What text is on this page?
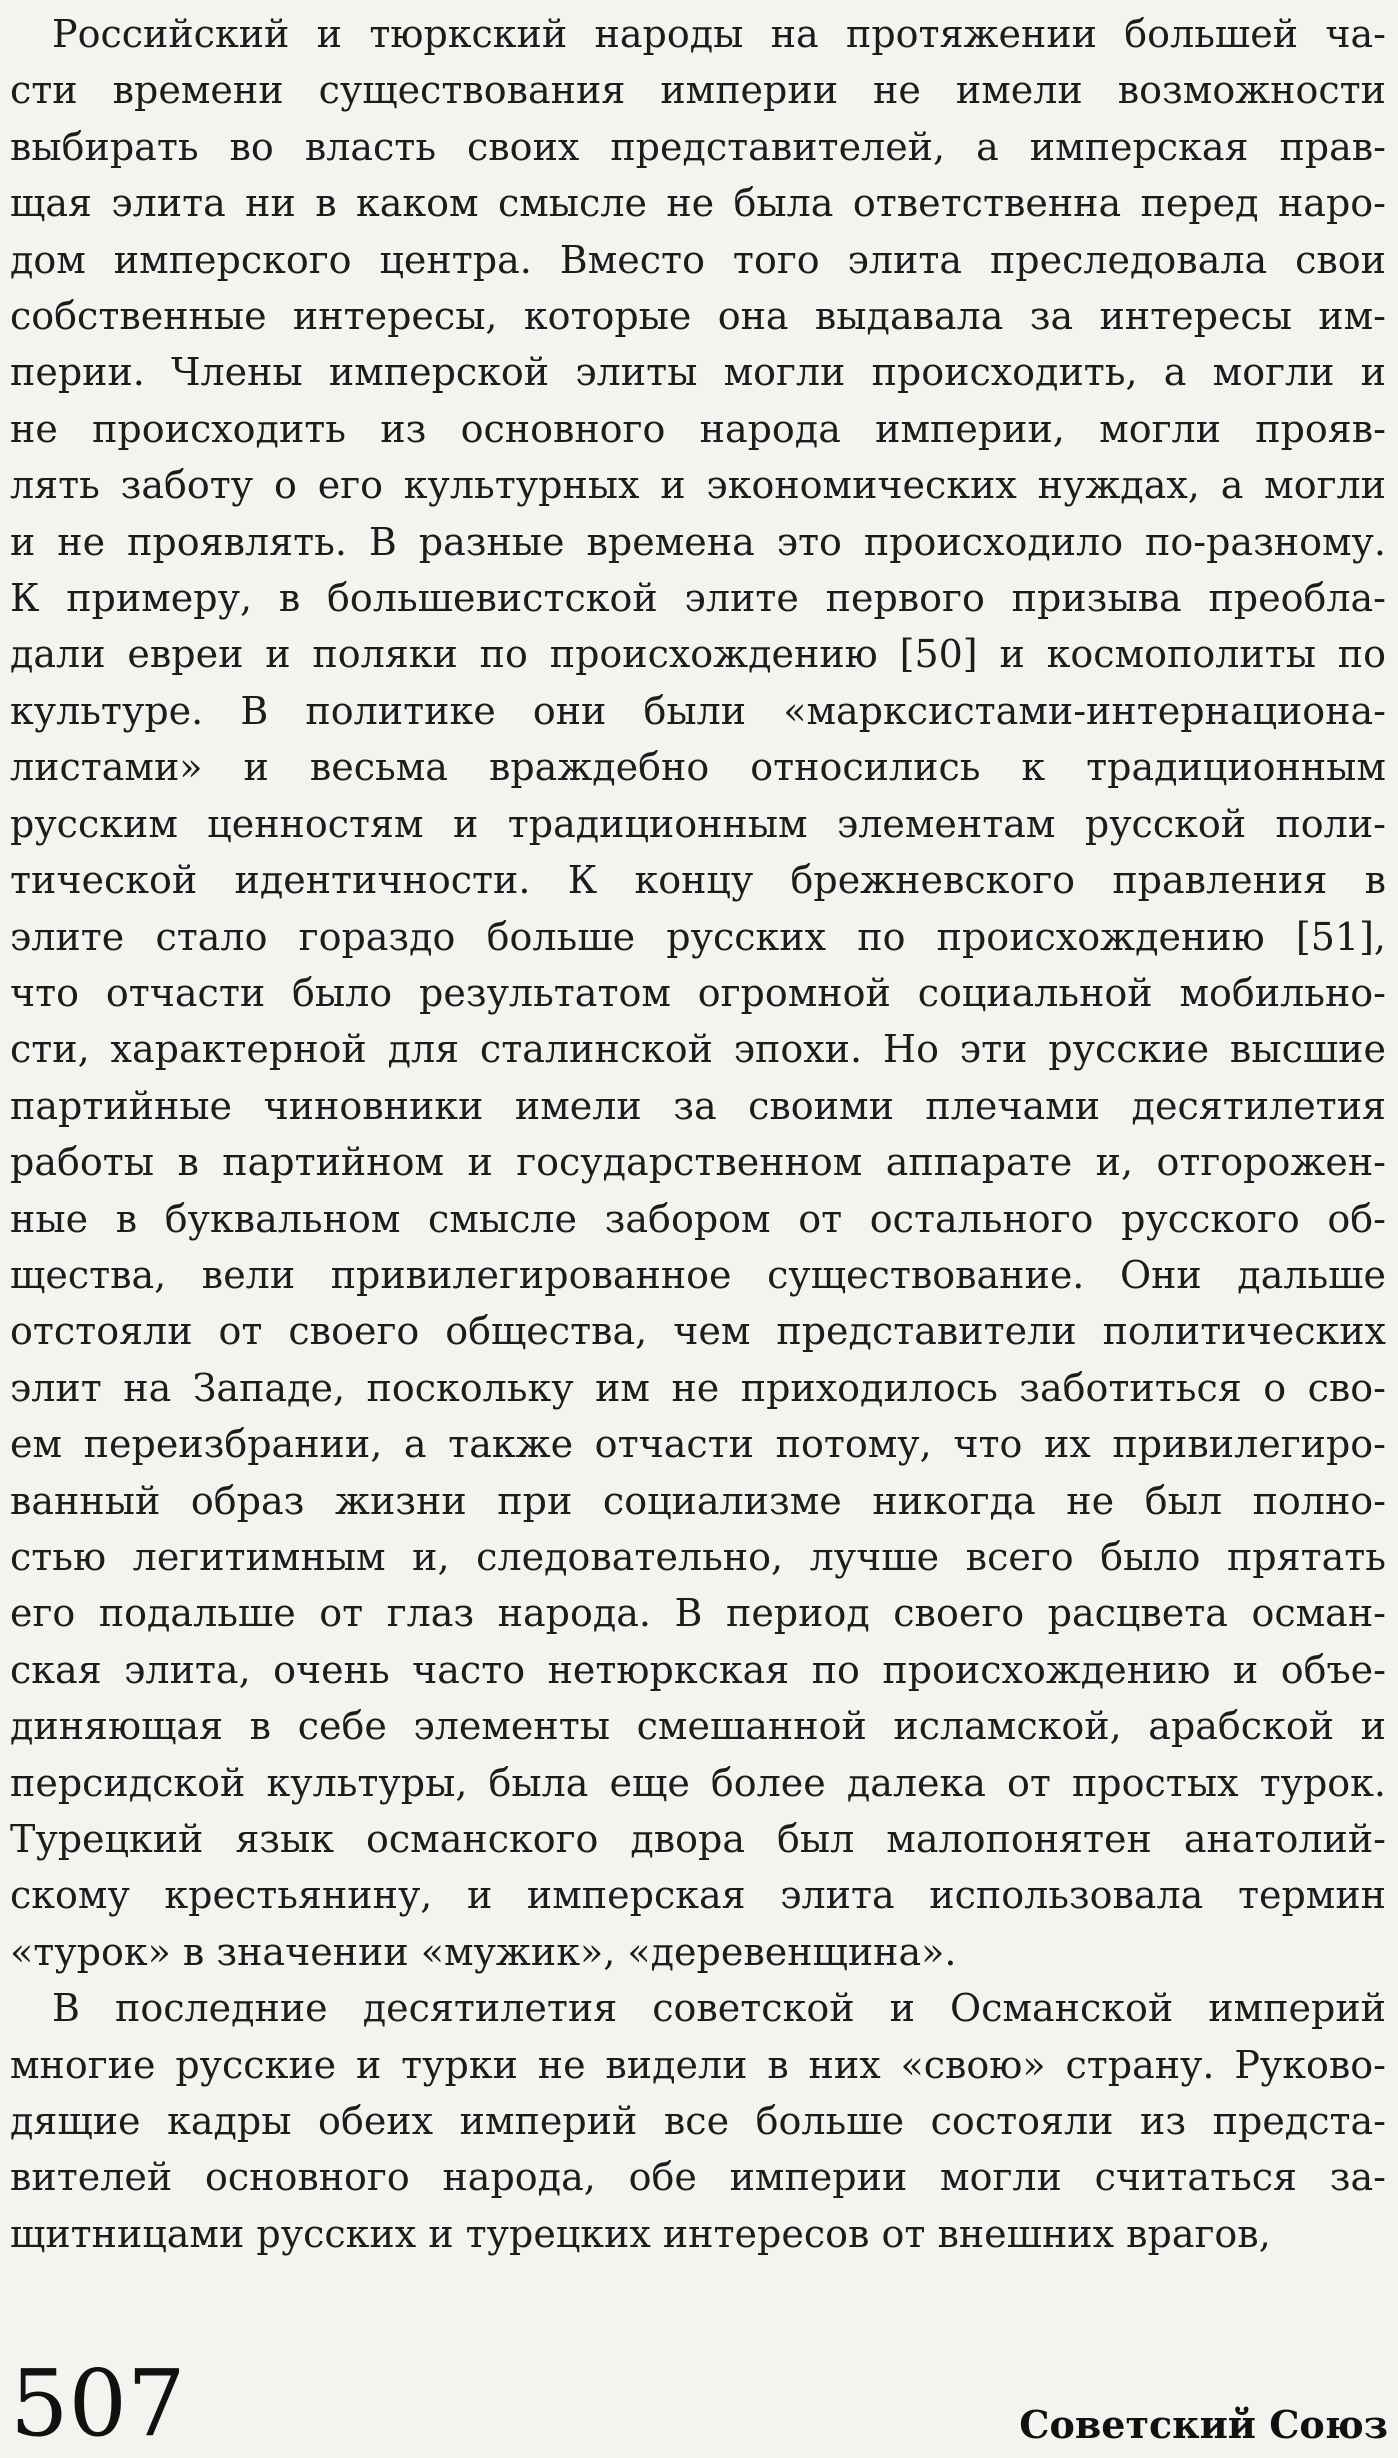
Российский и тюркский народы на протяжении большей ча-
сти времени существования империи не имели возможности
выбирать во власть своих представителей, а имперская прав-
щая элита ни в каком смысле не была ответственна перед наро-
дом имперского центра. Вместо того элита преследовала свои
собственные интересы, которые она выдавала за интересы им-
перии. Члены имперской элиты могли происходить, а могли и
не происходить из основного народа империи, могли прояв-
лять заботу о его культурных и экономических нуждах, а могли
и не проявлять. В разные времена это происходило по-разному.
К примеру, в большевистской элите первого призыва преобла-
дали евреи и поляки по происхождению [50] и космополиты по
культуре. В политике они были «марксистами-интернациона-
листами» и весьма враждебно относились к традиционным
русским ценностям и традиционным элементам русской поли-
тической идентичности. К концу брежневского правления в
элите стало гораздо больше русских по происхождению [51],
что отчасти было результатом огромной социальной мобильно-
сти, характерной для сталинской эпохи. Но эти русские высшие
партийные чиновники имели за своими плечами десятилетия
работы в партийном и государственном аппарате и, отгорожен-
ные в буквальном смысле забором от остального русского об-
щества, вели привилегированное существование. Они дальше
отстояли от своего общества, чем представители политических
элит на Западе, поскольку им не приходилось заботиться о сво-
ем переизбрании, а также отчасти потому, что их привилегиро-
ванный образ жизни при социализме никогда не был полно-
стью легитимным и, следовательно, лучше всего было прятать
его подальше от глаз народа. В период своего расцвета осман-
ская элита, очень часто нетюркская по происхождению и объе-
диняющая в себе элементы смешанной исламской, арабской и
персидской культуры, была еще более далека от простых турок.
Турецкий язык османского двора был малопонятен анатолий-
скому крестьянину, и имперская элита использовала термин
«турок» в значении «мужик», «деревенщина».
В последние десятилетия советской и Османской империй
многие русские и турки не видели в них «свою» страну. Руково-
дящие кадры обеих империй все больше состояли из предста-
вителей основного народа, обе империи могли считаться за-
щитницами русских и турецких интересов от внешних врагов,
507	Советский Союз
